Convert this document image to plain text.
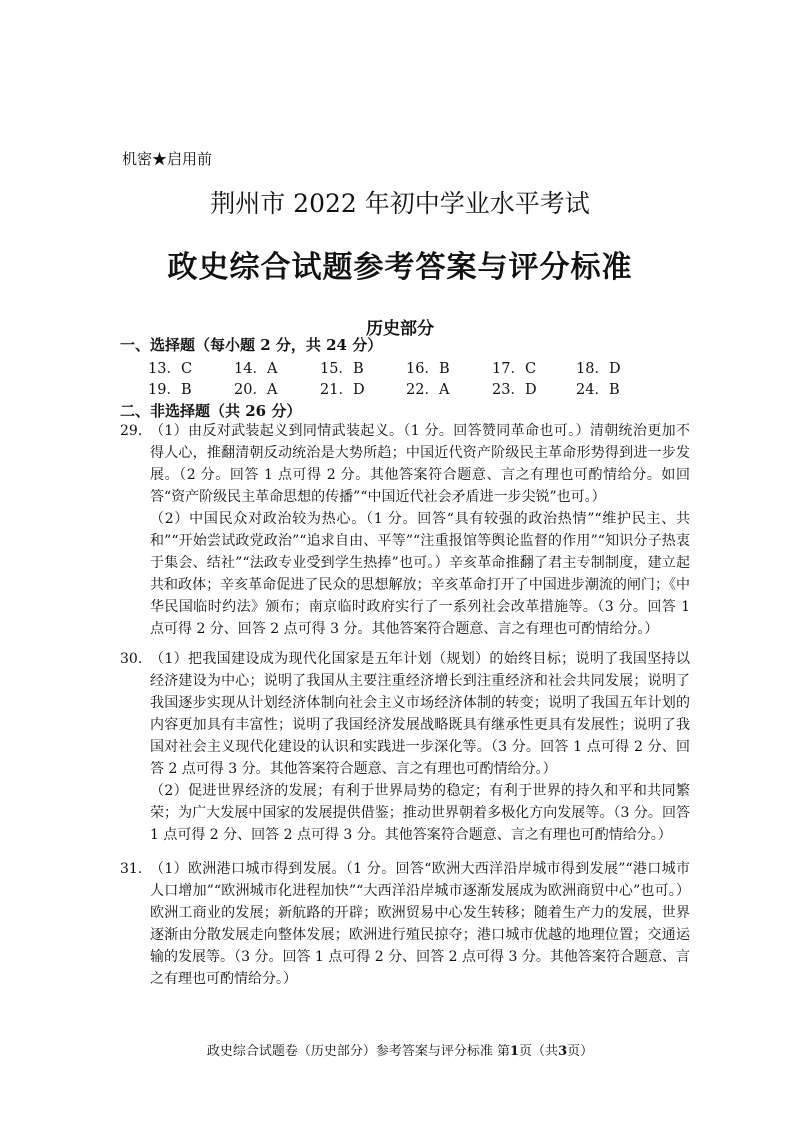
机密★启用前
荆州市 2022 年初中学业水平考试
政史综合试题参考答案与评分标准
历史部分
一、选择题（每小题 2 分，共 24 分）
13．C	14．A	15．B	16．B	17．C	18．D
19．B	20．A	21．D	22．A	23．D	24．B
二、非选择题（共 26 分）
29. （1）由反对武装起义到同情武装起义。（1 分。回答赞同革命也可。）清朝统治更加不得人心，推翻清朝反动统治是大势所趋；中国近代资产阶级民主革命形势得到进一步发展。（2 分。回答 1 点可得 2 分。其他答案符合题意、言之有理也可酌情给分。如回答“资产阶级民主革命思想的传播”“中国近代社会矛盾进一步尖锐”也可。）

（2）中国民众对政治较为热心。（1 分。回答“具有较强的政治热情”“维护民主、共和”“开始尝试政党政治”“追求自由、平等”“注重报馆等舆论监督的作用”“知识分子热衷于集会、结社”“法政专业受到学生热捧”也可。）辛亥革命推翻了君主专制制度，建立起共和政体；辛亥革命促进了民众的思想解放；辛亥革命打开了中国进步潮流的闸门；《中华民国临时约法》颁布；南京临时政府实行了一系列社会改革措施等。（3 分。回答 1 点可得 2 分、回答 2 点可得 3 分。其他答案符合题意、言之有理也可酌情给分。）

30. （1）把我国建设成为现代化国家是五年计划（规划）的始终目标；说明了我国坚持以经济建设为中心；说明了我国从主要注重经济增长到注重经济和社会共同发展；说明了我国逐步实现从计划经济体制向社会主义市场经济体制的转变；说明了我国五年计划的内容更加具有丰富性；说明了我国经济发展战略既具有继承性更具有发展性；说明了我国对社会主义现代化建设的认识和实践进一步深化等。（3 分。回答 1 点可得 2 分、回答 2 点可得 3 分。其他答案符合题意、言之有理也可酌情给分。）

（2）促进世界经济的发展；有利于世界局势的稳定；有利于世界的持久和平和共同繁荣；为广大发展中国家的发展提供借鉴；推动世界朝着多极化方向发展等。（3 分。回答 1 点可得 2 分、回答 2 点可得 3 分。其他答案符合题意、言之有理也可酌情给分。）

31. （1）欧洲港口城市得到发展。（1 分。回答“欧洲大西洋沿岸城市得到发展”“港口城市人口增加”“欧洲城市化进程加快”“大西洋沿岸城市逐渐发展成为欧洲商贸中心”也可。）欧洲工商业的发展；新航路的开辟；欧洲贸易中心发生转移；随着生产力的发展，世界逐渐由分散发展走向整体发展；欧洲进行殖民掠夺；港口城市优越的地理位置；交通运输的发展等。（3 分。回答 1 点可得 2 分、回答 2 点可得 3 分。其他答案符合题意、言之有理也可酌情给分。）

政史综合试题卷（历史部分）参考答案与评分标准 第1页（共3页）
